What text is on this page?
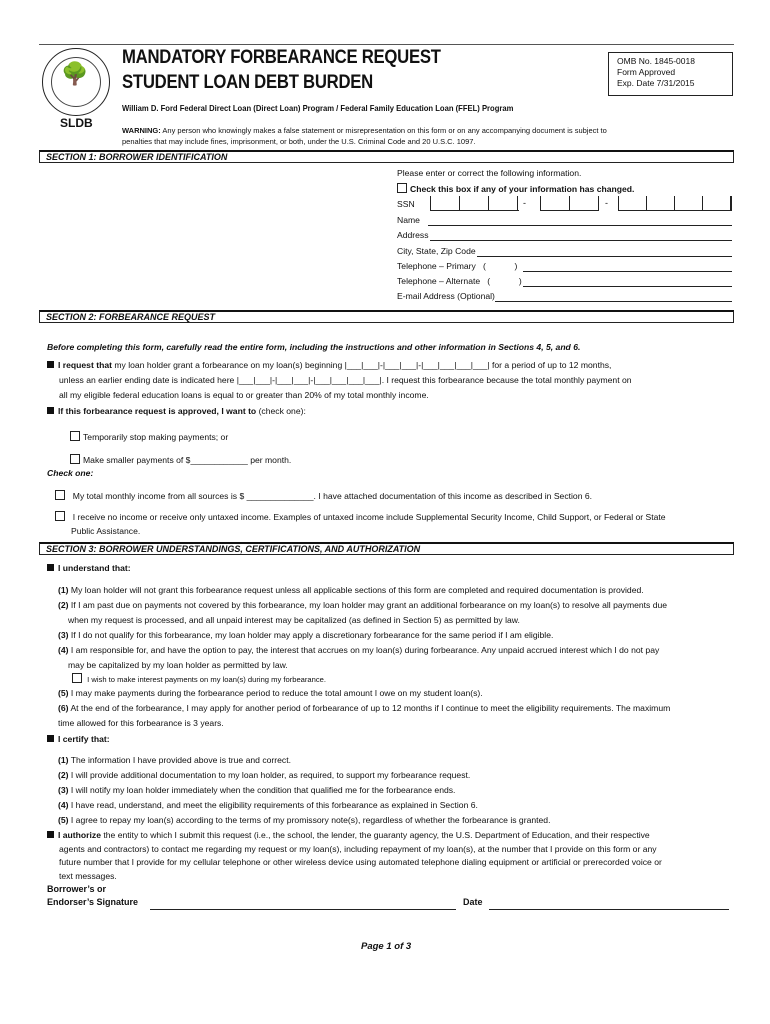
🌳
MANDATORY FORBEARANCE REQUEST
STUDENT LOAN DEBT BURDEN
OMB No. 1845-0018
Form Approved
Exp. Date 7/31/2015
William D. Ford Federal Direct Loan (Direct Loan) Program / Federal Family Education Loan (FFEL) Program
SLDB
WARNING: Any person who knowingly makes a false statement or misrepresentation on this form or on any accompanying document is subject to
penalties that may include fines, imprisonment, or both, under the U.S. Criminal Code and 20 U.S.C. 1097.
SECTION 1: BORROWER IDENTIFICATION
Please enter or correct the following information.
Check this box if any of your information has changed.
SSN	-	-
Name
Address
City, State, Zip Code
Telephone – Primary   (            )
Telephone – Alternate   (            )
E-mail Address (Optional)
SECTION 2: FORBEARANCE REQUEST
Before completing this form, carefully read the entire form, including the instructions and other information in Sections 4, 5, and 6.
I request that my loan holder grant a forbearance on my loan(s) beginning |___|___|-|___|___|-|___|___|___|___| for a period of up to 12 months,
unless an earlier ending date is indicated here |___|___|-|___|___|-|___|___|___|___|. I request this forbearance because the total monthly payment on
all my eligible federal education loans is equal to or greater than 20% of my total monthly income.
If this forbearance request is approved, I want to (check one):
Temporarily stop making payments; or
Make smaller payments of $____________ per month.
Check one:
My total monthly income from all sources is $ ______________. I have attached documentation of this income as described in Section 6.
I receive no income or receive only untaxed income. Examples of untaxed income include Supplemental Security Income, Child Support, or Federal or State
Public Assistance.
SECTION 3: BORROWER UNDERSTANDINGS, CERTIFICATIONS, AND AUTHORIZATION
I understand that:
(1) My loan holder will not grant this forbearance request unless all applicable sections of this form are completed and required documentation is provided.
(2) If I am past due on payments not covered by this forbearance, my loan holder may grant an additional forbearance on my loan(s) to resolve all payments due
when my request is processed, and all unpaid interest may be capitalized (as defined in Section 5) as permitted by law.
(3) If I do not qualify for this forbearance, my loan holder may apply a discretionary forbearance for the same period if I am eligible.
(4) I am responsible for, and have the option to pay, the interest that accrues on my loan(s) during forbearance. Any unpaid accrued interest which I do not pay
may be capitalized by my loan holder as permitted by law.
I wish to make interest payments on my loan(s) during my forbearance.
(5) I may make payments during the forbearance period to reduce the total amount I owe on my student loan(s).
(6) At the end of the forbearance, I may apply for another period of forbearance of up to 12 months if I continue to meet the eligibility requirements. The maximum
time allowed for this forbearance is 3 years.
I certify that:
(1) The information I have provided above is true and correct.
(2) I will provide additional documentation to my loan holder, as required, to support my forbearance request.
(3) I will notify my loan holder immediately when the condition that qualified me for the forbearance ends.
(4) I have read, understand, and meet the eligibility requirements of this forbearance as explained in Section 6.
(5) I agree to repay my loan(s) according to the terms of my promissory note(s), regardless of whether the forbearance is granted.
I authorize the entity to which I submit this request (i.e., the school, the lender, the guaranty agency, the U.S. Department of Education, and their respective
agents and contractors) to contact me regarding my request or my loan(s), including repayment of my loan(s), at the number that I provide on this form or any
future number that I provide for my cellular telephone or other wireless device using automated telephone dialing equipment or artificial or prerecorded voice or
text messages.
Borrower’s or
Endorser’s Signature	Date
Page 1 of 3
